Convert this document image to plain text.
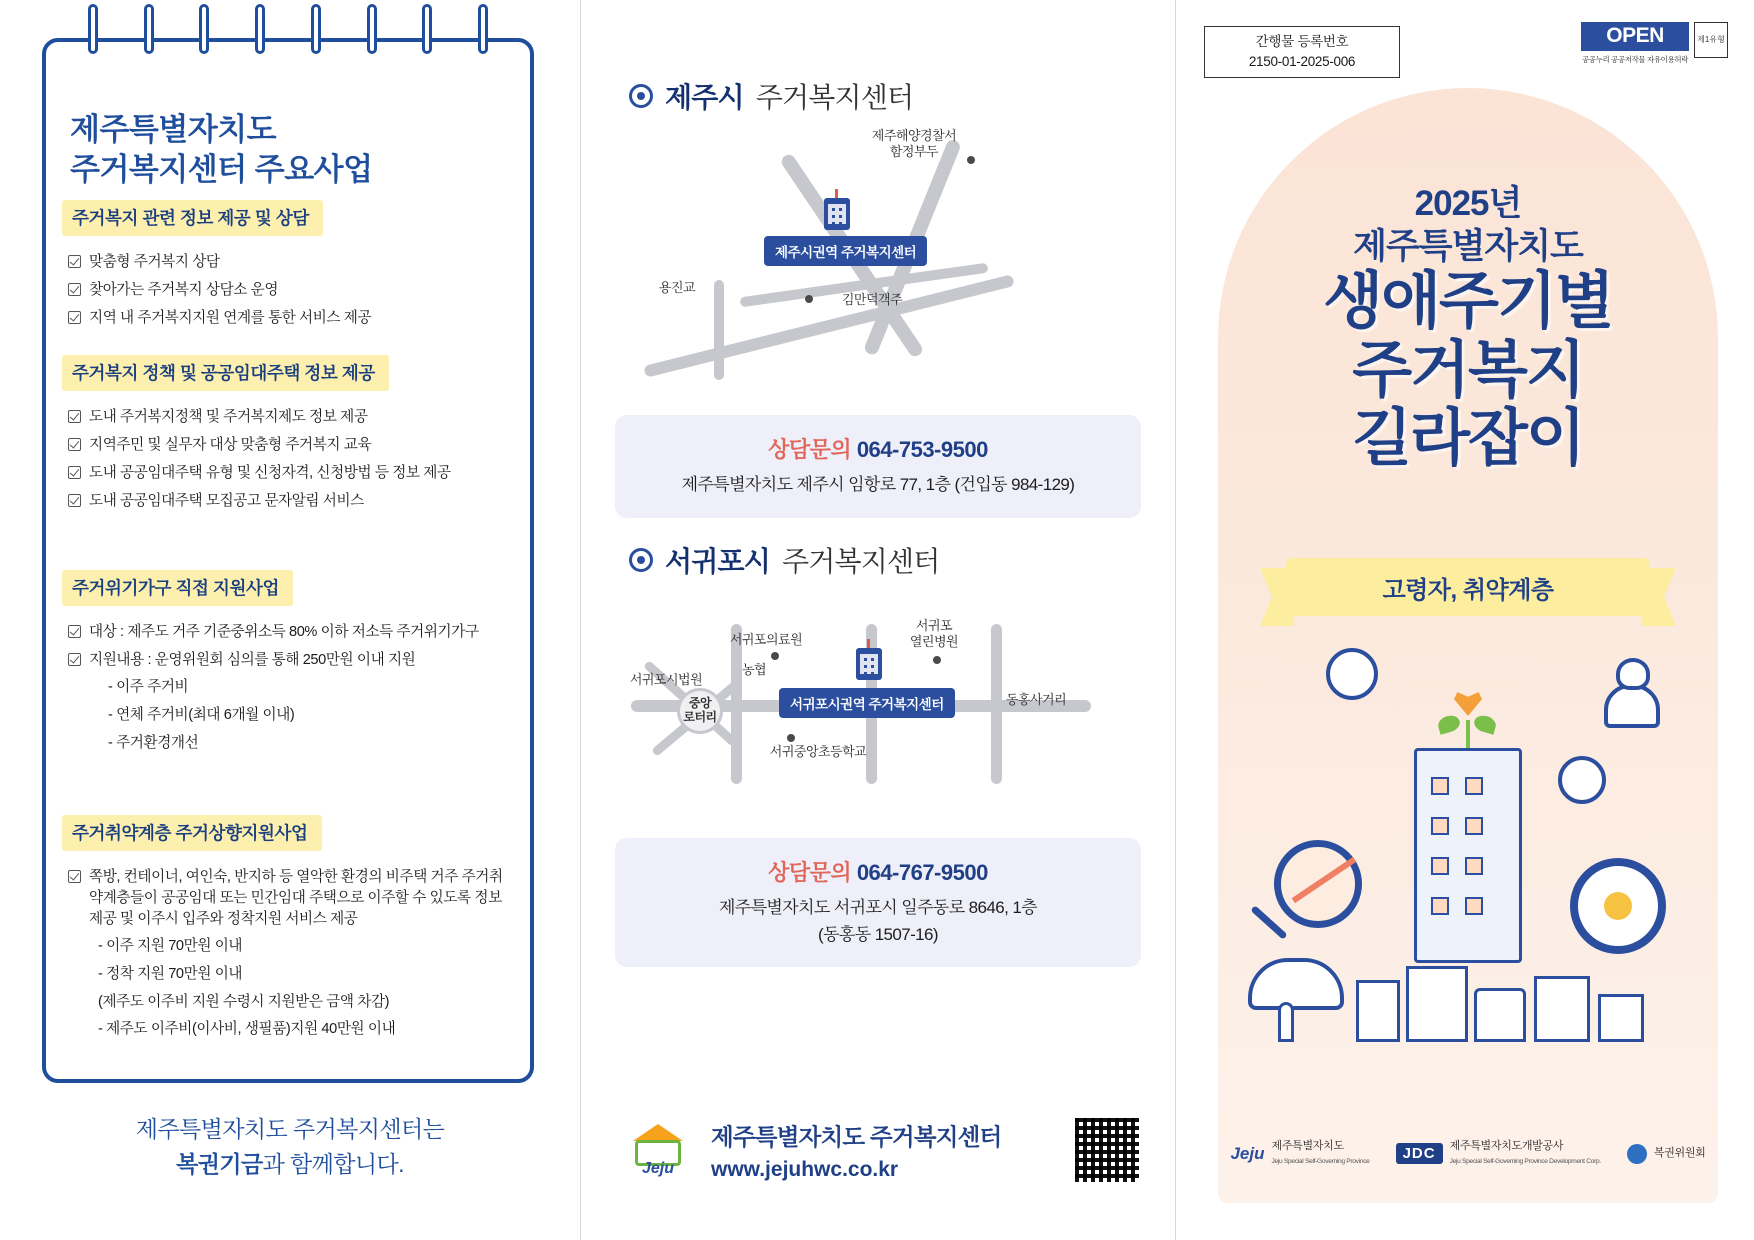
제주특별자치도
주거복지센터 주요사업
주거복지 관련 정보 제공 및 상담
맞춤형 주거복지 상담
찾아가는 주거복지 상담소 운영
지역 내 주거복지지원 연계를 통한 서비스 제공
주거복지 정책 및 공공임대주택 정보 제공
도내 주거복지정책 및 주거복지제도 정보 제공
지역주민 및 실무자 대상 맞춤형 주거복지 교육
도내 공공임대주택 유형 및 신청자격, 신청방법 등 정보 제공
도내 공공임대주택 모집공고 문자알림 서비스
주거위기가구 직접 지원사업
대상 : 제주도 거주 기준중위소득 80% 이하 저소득 주거위기가구
지원내용 : 운영위원회 심의를 통해 250만원 이내 지원
- 이주 주거비
- 연체 주거비(최대 6개월 이내)
- 주거환경개선
주거취약계층 주거상향지원사업
쪽방, 컨테이너, 여인숙, 반지하 등 열악한 환경의 비주택 거주 주거취약계층들이 공공임대 또는 민간임대 주택으로 이주할 수 있도록 정보 제공 및 이주시 입주와 정착지원 서비스 제공
- 이주 지원 70만원 이내
- 정착 지원 70만원 이내
(제주도 이주비 지원 수령시 지원받은 금액 차감)
- 제주도 이주비(이사비, 생필품)지원 40만원 이내
제주특별자치도 주거복지센터는
복권기금과 함께합니다.
제주시 주거복지센터
제주해양경찰서
함정부두
용진교
김만덕객주
제주시권역 주거복지센터
상담문의 064-753-9500
제주특별자치도 제주시 임항로 77, 1층 (건입동 984-129)
서귀포시 주거복지센터
서귀포의료원
서귀포
열린병원
농협
서귀포시법원
동홍사거리
서귀중앙초등학교
중앙
로터리
서귀포시권역 주거복지센터
상담문의 064-767-9500
제주특별자치도 서귀포시 일주동로 8646, 1층
(동홍동 1507-16)
Jeju
제주특별자치도 주거복지센터
www.jejuhwc.co.kr
간행물 등록번호
2150-01-2025-006
OPEN
공공누리 공공저작물 자유이용허락
제1유형
2025년
제주특별자치도
생애주기별
주거복지
길라잡이
고령자, 취약계층
Jeju 제주특별자치도
Jeju Special Self-Governing Province	JDC	제주특별자치도개발공사
Jeju Special Self-Governing Province Development Corp.
복권위원회
